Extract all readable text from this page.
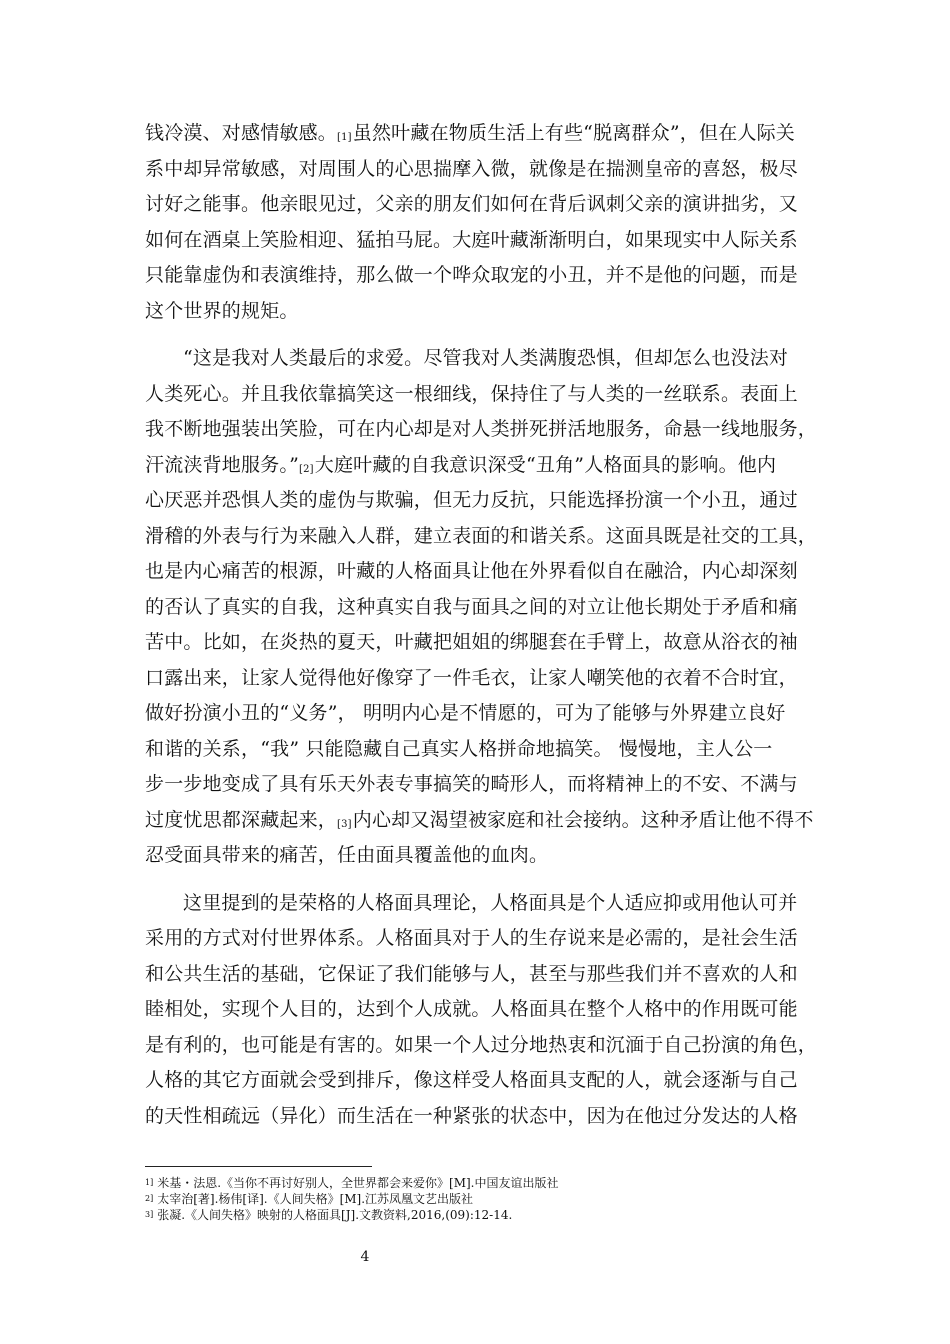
钱冷漠、对感情敏感。[1]虽然叶藏在物质生活上有些“脱离群众”，但在人际关
系中却异常敏感，对周围人的心思揣摩入微，就像是在揣测皇帝的喜怒，极尽
讨好之能事。他亲眼见过，父亲的朋友们如何在背后讽刺父亲的演讲拙劣，又
如何在酒桌上笑脸相迎、猛拍马屁。大庭叶藏渐渐明白，如果现实中人际关系
只能靠虚伪和表演维持，那么做一个哗众取宠的小丑，并不是他的问题，而是
这个世界的规矩。
“这是我对人类最后的求爱。尽管我对人类满腹恐惧，但却怎么也没法对
人类死心。并且我依靠搞笑这一根细线，保持住了与人类的一丝联系。表面上
我不断地强装出笑脸，可在内心却是对人类拼死拼活地服务，命悬一线地服务，
汗流浃背地服务。”[2]大庭叶藏的自我意识深受“丑角”人格面具的影响。他内
心厌恶并恐惧人类的虚伪与欺骗，但无力反抗，只能选择扮演一个小丑，通过
滑稽的外表与行为来融入人群，建立表面的和谐关系。这面具既是社交的工具，
也是内心痛苦的根源，叶藏的人格面具让他在外界看似自在融洽，内心却深刻
的否认了真实的自我，这种真实自我与面具之间的对立让他长期处于矛盾和痛
苦中。比如，在炎热的夏天，叶藏把姐姐的绑腿套在手臂上，故意从浴衣的袖
口露出来，让家人觉得他好像穿了一件毛衣，让家人嘲笑他的衣着不合时宜，
做好扮演小丑的“义务”， 明明内心是不情愿的，可为了能够与外界建立良好
和谐的关系，“我” 只能隐藏自己真实人格拼命地搞笑。 慢慢地，主人公一
步一步地变成了具有乐天外表专事搞笑的畸形人，而将精神上的不安、不满与
过度忧思都深藏起来，[3]内心却又渴望被家庭和社会接纳。这种矛盾让他不得不
忍受面具带来的痛苦，任由面具覆盖他的血肉。
这里提到的是荣格的人格面具理论，人格面具是个人适应抑或用他认可并
采用的方式对付世界体系。人格面具对于人的生存说来是必需的，是社会生活
和公共生活的基础，它保证了我们能够与人，甚至与那些我们并不喜欢的人和
睦相处，实现个人目的，达到个人成就。人格面具在整个人格中的作用既可能
是有利的，也可能是有害的。如果一个人过分地热衷和沉湎于自己扮演的角色，
人格的其它方面就会受到排斥，像这样受人格面具支配的人，就会逐渐与自己
的天性相疏远（异化）而生活在一种紧张的状态中，因为在他过分发达的人格
$^{1]}$ 米基・法恩.《当你不再讨好别人，全世界都会来爱你》[M].中国友谊出版社
$^{2]}$ 太宰治[著].杨伟[译].《人间失格》[M].江苏凤凰文艺出版社
$^{3]}$ 张凝.《人间失格》映射的人格面具[J].文教资料,2016,(09):12-14.
4
